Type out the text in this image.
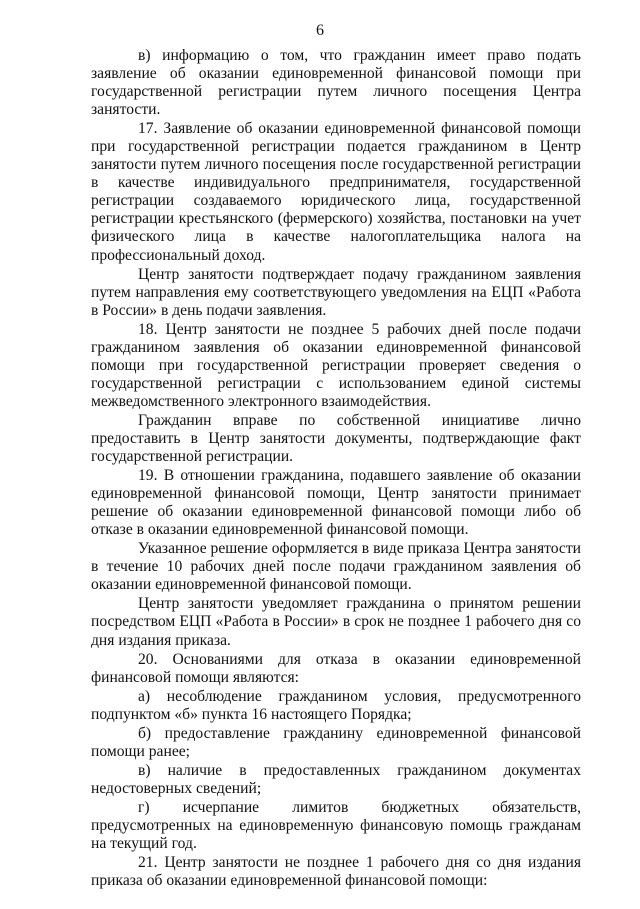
6

в) информацию о том, что гражданин имеет право подать заявление об оказании единовременной финансовой помощи при государственной регистрации путем личного посещения Центра занятости.

17. Заявление об оказании единовременной финансовой помощи при государственной регистрации подается гражданином в Центр занятости путем личного посещения после государственной регистрации в качестве индивидуального предпринимателя, государственной регистрации создаваемого юридического лица, государственной регистрации крестьянского (фермерского) хозяйства, постановки на учет физического лица в качестве налогоплательщика налога на профессиональный доход.

Центр занятости подтверждает подачу гражданином заявления путем направления ему соответствующего уведомления на ЕЦП «Работа в России» в день подачи заявления.

18. Центр занятости не позднее 5 рабочих дней после подачи гражданином заявления об оказании единовременной финансовой помощи при государственной регистрации проверяет сведения о государственной регистрации с использованием единой системы межведомственного электронного взаимодействия.

Гражданин вправе по собственной инициативе лично предоставить в Центр занятости документы, подтверждающие факт государственной регистрации.

19. В отношении гражданина, подавшего заявление об оказании единовременной финансовой помощи, Центр занятости принимает решение об оказании единовременной финансовой помощи либо об отказе в оказании единовременной финансовой помощи.

Указанное решение оформляется в виде приказа Центра занятости в течение 10 рабочих дней после подачи гражданином заявления об оказании единовременной финансовой помощи.

Центр занятости уведомляет гражданина о принятом решении посредством ЕЦП «Работа в России» в срок не позднее 1 рабочего дня со дня издания приказа.

20. Основаниями для отказа в оказании единовременной финансовой помощи являются:

а) несоблюдение гражданином условия, предусмотренного подпунктом «б» пункта 16 настоящего Порядка;

б) предоставление гражданину единовременной финансовой помощи ранее;

в) наличие в предоставленных гражданином документах недостоверных сведений;

г) исчерпание лимитов бюджетных обязательств, предусмотренных на единовременную финансовую помощь гражданам на текущий год.

21. Центр занятости не позднее 1 рабочего дня со дня издания приказа об оказании единовременной финансовой помощи:
